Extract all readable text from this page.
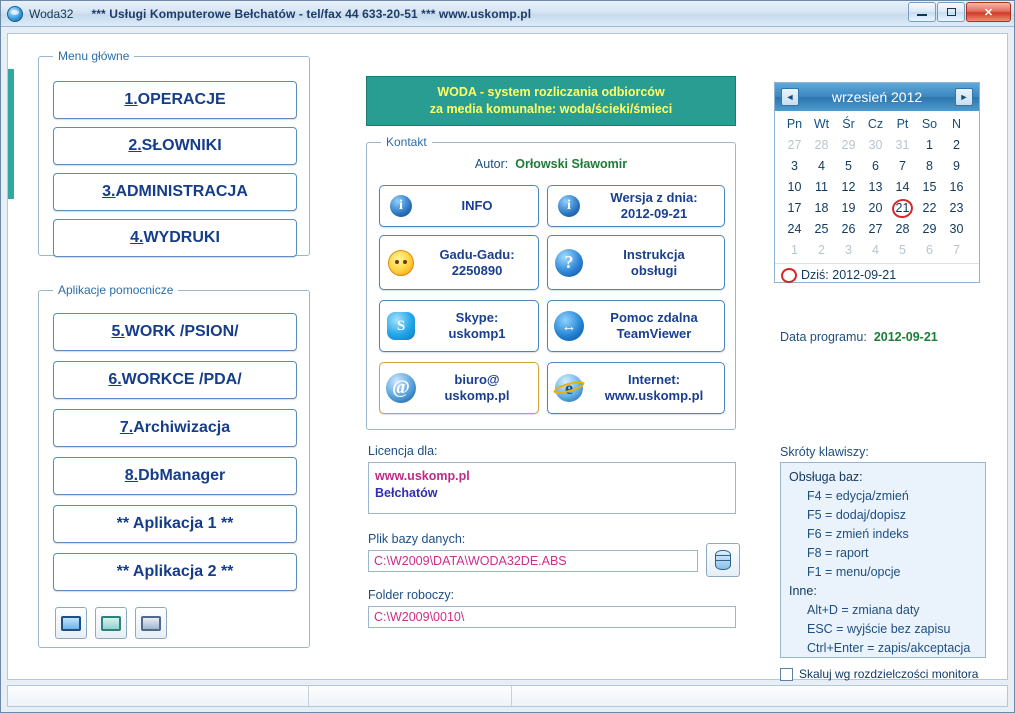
Woda32 *** Usługi Komputerowe Bełchatów - tel/fax 44 633-20-51 *** www.uskomp.pl	✕
Menu główne
1. OPERACJE
2. SŁOWNIKI
3. ADMINISTRACJA
4. WYDRUKI
Aplikacje pomocnicze
5. WORK /PSION/
6. WORKCE /PDA/
7. Archiwizacja
8. DbManager
** Aplikacja 1 **
** Aplikacja 2 **
WODA - system rozliczania odbiorców
za media komunalne: woda/ścieki/śmieci
Kontakt
Autor: Orłowski Sławomir
i	INFO	i
Wersja z dnia:
2012-09-21
Gadu-Gadu:
2250890	?	Instrukcja
obsługi
S	Skype:
uskomp1	↔	Pomoc zdalna
TeamViewer
@	biuro@
uskomp.pl	e	Internet:
www.uskomp.pl
Licencja dla:
www.uskomp.pl
Bełchatów
Plik bazy danych:
C:\W2009\DATA\WODA32DE.ABS
Folder roboczy:
C:\W2009\0010\
◄	wrzesień 2012	►
Pn Wt	Śr	Cz	Pt	So	N
27	28	29	30	31	1	2
3	4	5	6	7	8	9
10	11	12	13	14	15	16
17	18	19	20	21	22	23
24	25	26	27	28	29	30
1	2	3	4	5	6	7
Dziś: 2012-09-21
Data programu: 2012-09-21
Skróty klawiszy:
Obsługa baz:
F4 = edycja/zmień
F5 = dodaj/dopisz
F6 = zmień indeks
F8 = raport
F1 = menu/opcje
Inne:
Alt+D = zmiana daty
ESC = wyjście bez zapisu
Ctrl+Enter = zapis/akceptacja
Skaluj wg rozdzielczości monitora
